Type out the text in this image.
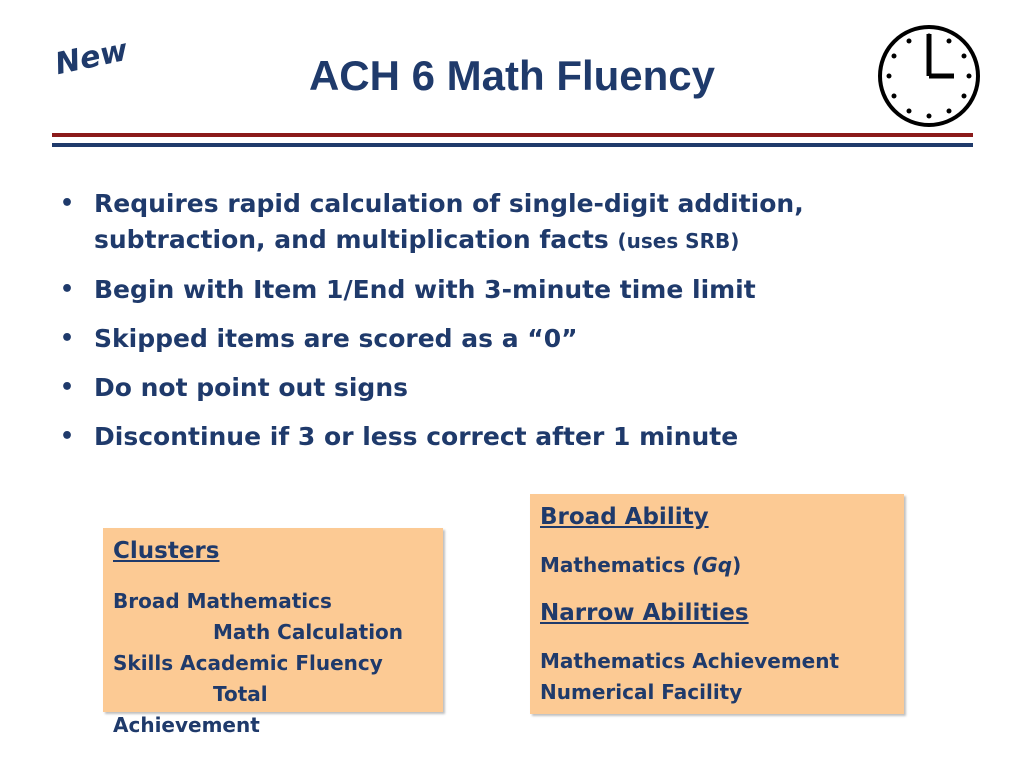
New	ACH 6 Math Fluency
• Requires rapid calculation of single-digit addition, subtraction, and multiplication facts (uses SRB)
• Begin with Item 1/End with 3-minute time limit
• Skipped items are scored as a “0”
• Do not point out signs
• Discontinue if 3 or less correct after 1 minute
Clusters
Broad Mathematics
Math Calculation
Skills Academic Fluency
Total
Achievement
Broad Ability
Mathematics (Gq)
Narrow Abilities
Mathematics Achievement
Numerical Facility
